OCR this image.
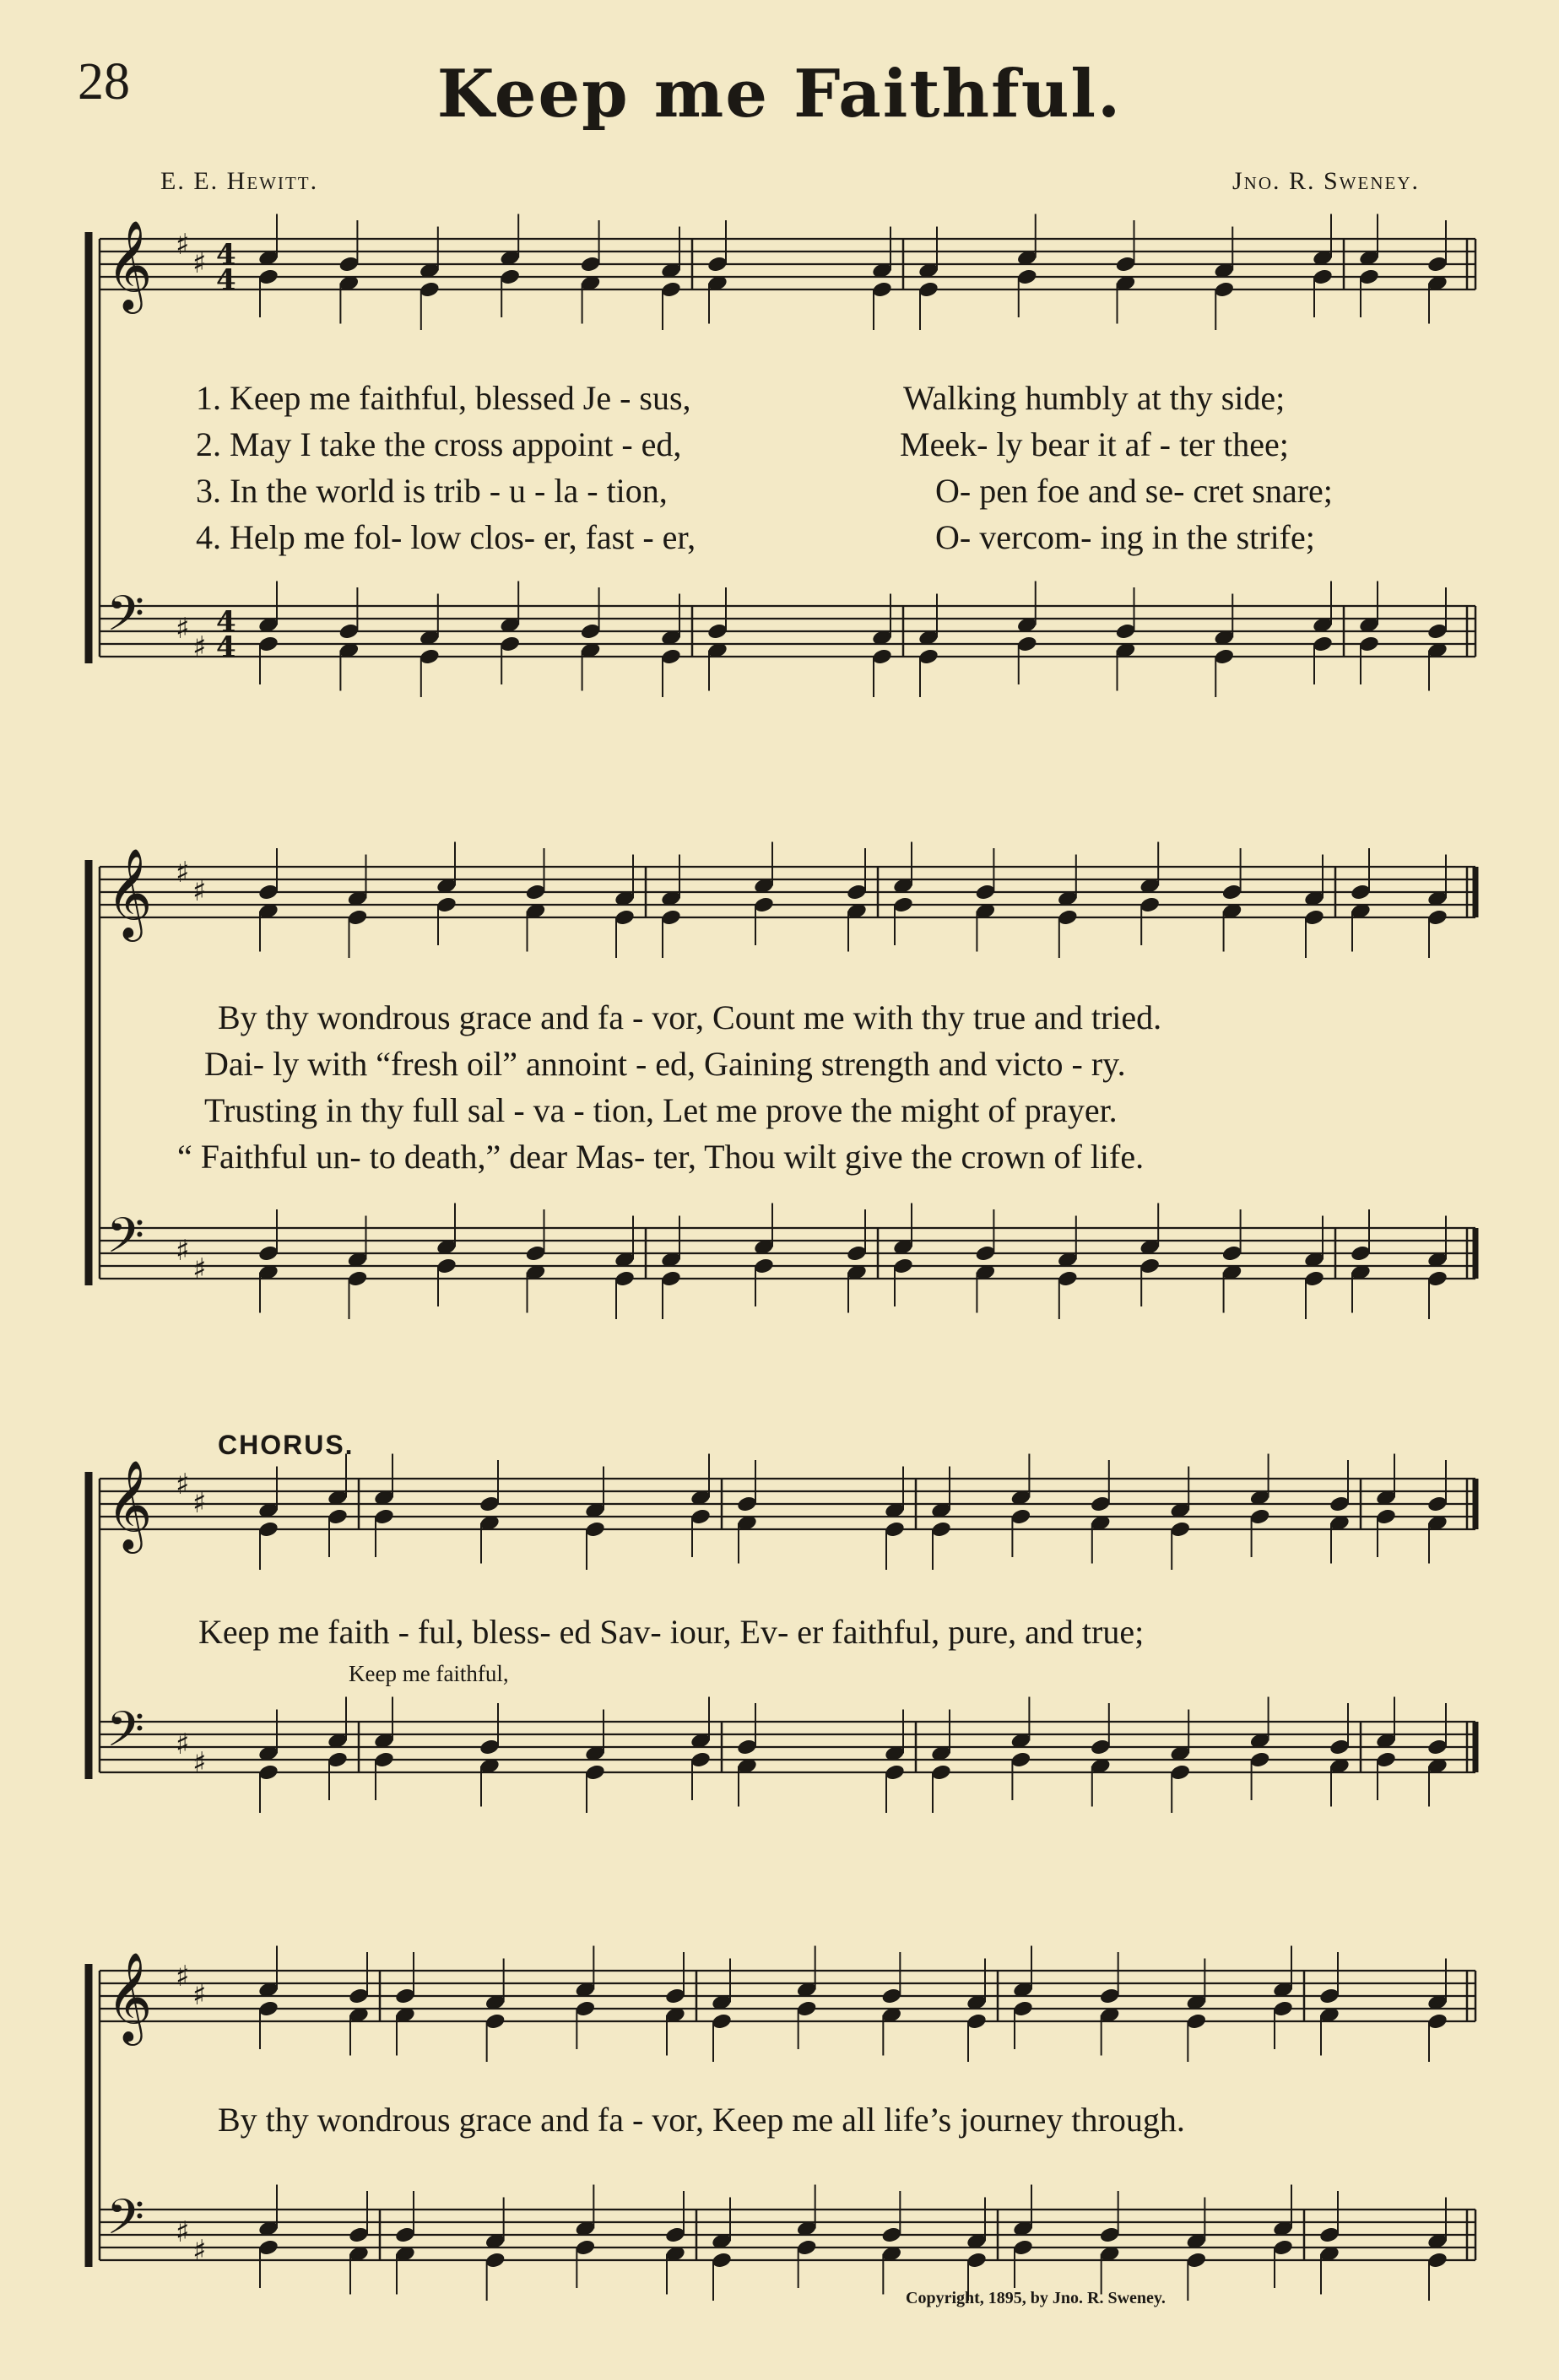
28	Keep me Faithful.
E. E. Hewitt.	Jno. R. Sweney.
𝄞 ♯
♯ 4
4
𝄢 ♯
♯
4
4
𝄞 ♯
♯
𝄢 ♯
♯
𝄞 ♯
♯
𝄢 ♯
♯
𝄞 ♯
♯
𝄢 ♯
♯
1. Keep me faithful, blessed Je - sus,	Walking humbly at thy side;
2. May I take the cross appoint - ed,	Meek- ly bear it af - ter thee;
3. In the world is trib - u - la - tion,	O- pen foe and se- cret snare;
4. Help me fol- low clos- er, fast - er,	O- vercom- ing in the strife;
By thy wondrous grace and fa - vor, Count me with thy true and tried.
Dai- ly with “fresh oil” annoint - ed, Gaining strength and victo - ry.
Trusting in thy full sal - va - tion, Let me prove the might of prayer.
“ Faithful un- to death,” dear Mas- ter, Thou wilt give the crown of life.
CHORUS.
Keep me faith - ful, bless- ed Sav- iour, Ev- er faithful, pure, and true;
Keep me faithful,
By thy wondrous grace and fa - vor, Keep me all life’s journey through.
Copyright, 1895, by Jno. R. Sweney.
